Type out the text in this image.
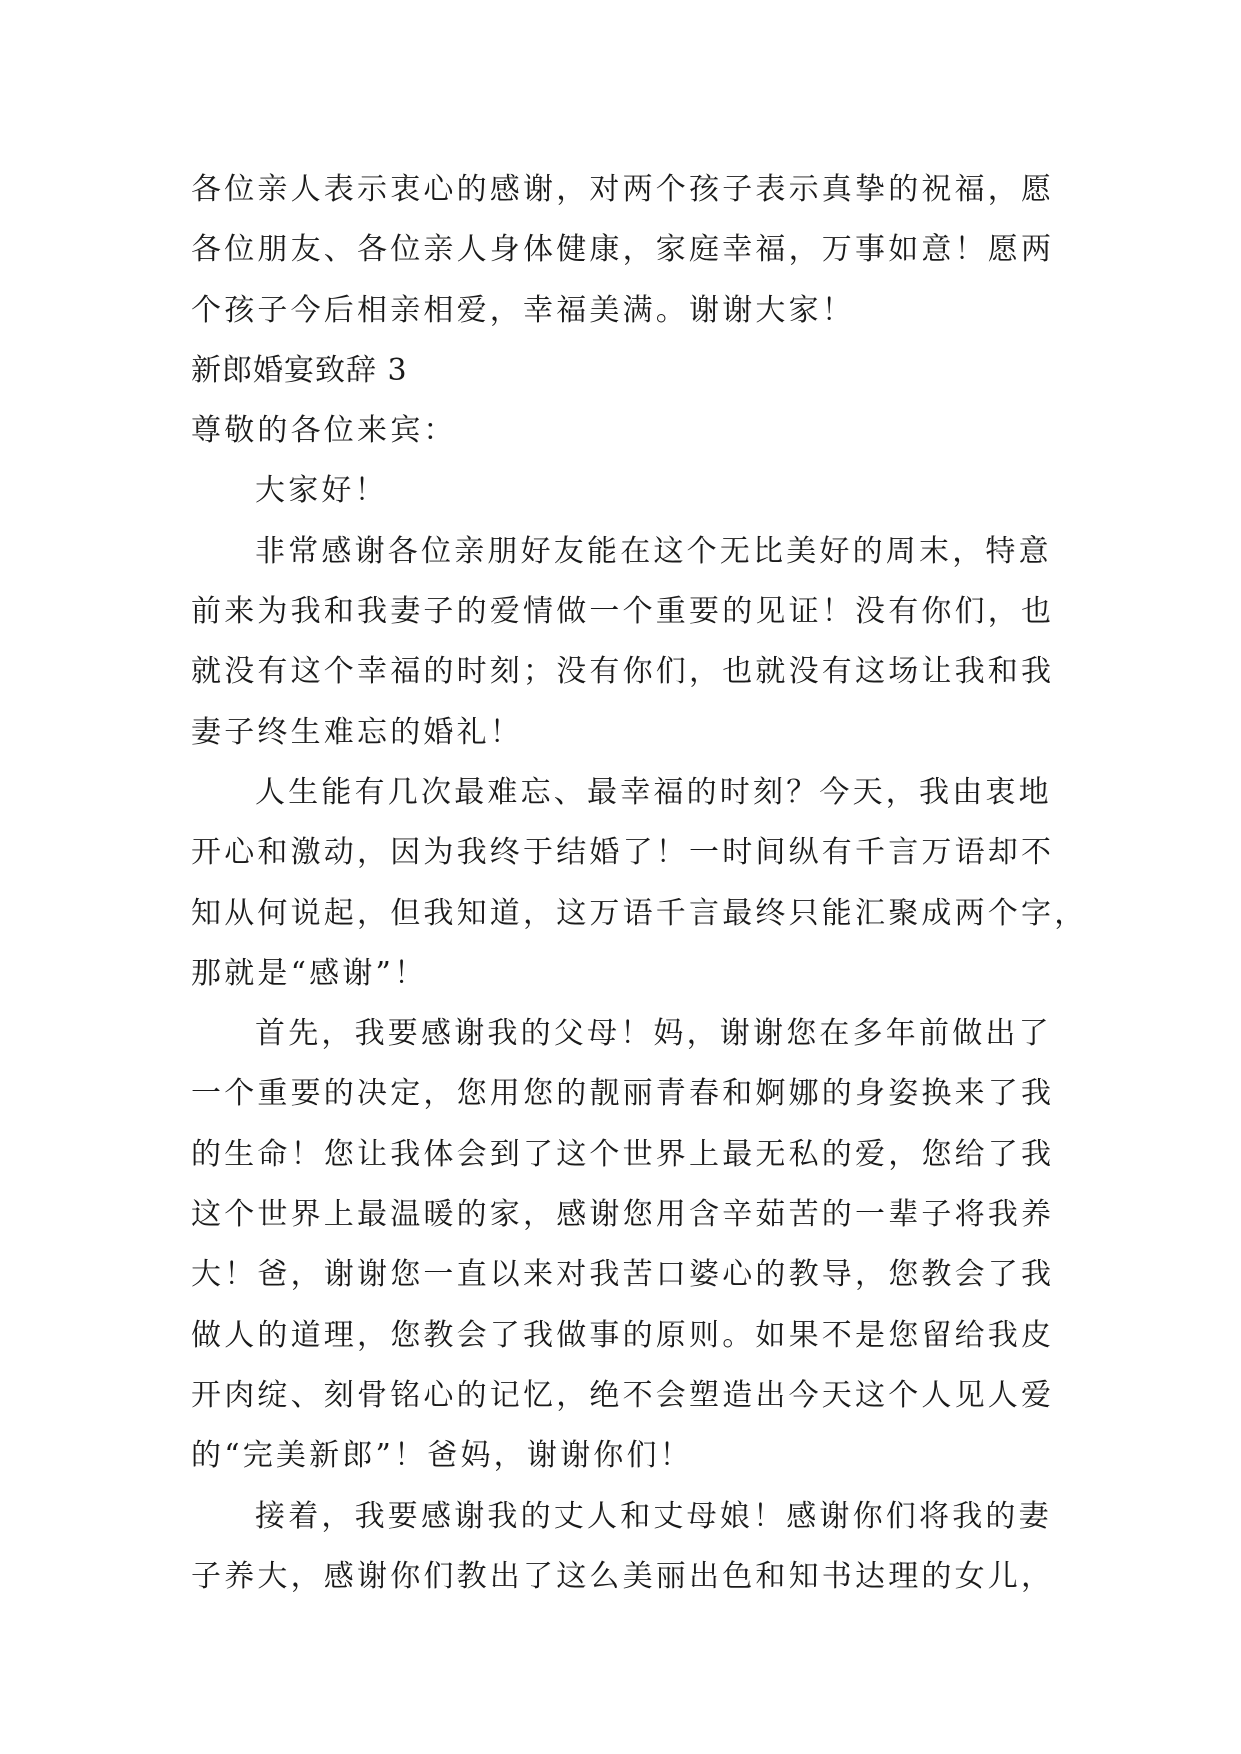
各位亲人表示衷心的感谢，对两个孩子表示真挚的祝福，愿
各位朋友、各位亲人身体健康，家庭幸福，万事如意！愿两
个孩子今后相亲相爱，幸福美满。谢谢大家！
新郎婚宴致辞 3
尊敬的各位来宾：
大家好！
非常感谢各位亲朋好友能在这个无比美好的周末，特意
前来为我和我妻子的爱情做一个重要的见证！没有你们，也
就没有这个幸福的时刻；没有你们，也就没有这场让我和我
妻子终生难忘的婚礼！
人生能有几次最难忘、最幸福的时刻？今天，我由衷地
开心和激动，因为我终于结婚了！一时间纵有千言万语却不
知从何说起，但我知道，这万语千言最终只能汇聚成两个字，
那就是“感谢”！
首先，我要感谢我的父母！妈，谢谢您在多年前做出了
一个重要的决定，您用您的靓丽青春和婀娜的身姿换来了我
的生命！您让我体会到了这个世界上最无私的爱，您给了我
这个世界上最温暖的家，感谢您用含辛茹苦的一辈子将我养
大！爸，谢谢您一直以来对我苦口婆心的教导，您教会了我
做人的道理，您教会了我做事的原则。如果不是您留给我皮
开肉绽、刻骨铭心的记忆，绝不会塑造出今天这个人见人爱
的“完美新郎”！爸妈，谢谢你们！
接着，我要感谢我的丈人和丈母娘！感谢你们将我的妻
子养大，感谢你们教出了这么美丽出色和知书达理的女儿，
